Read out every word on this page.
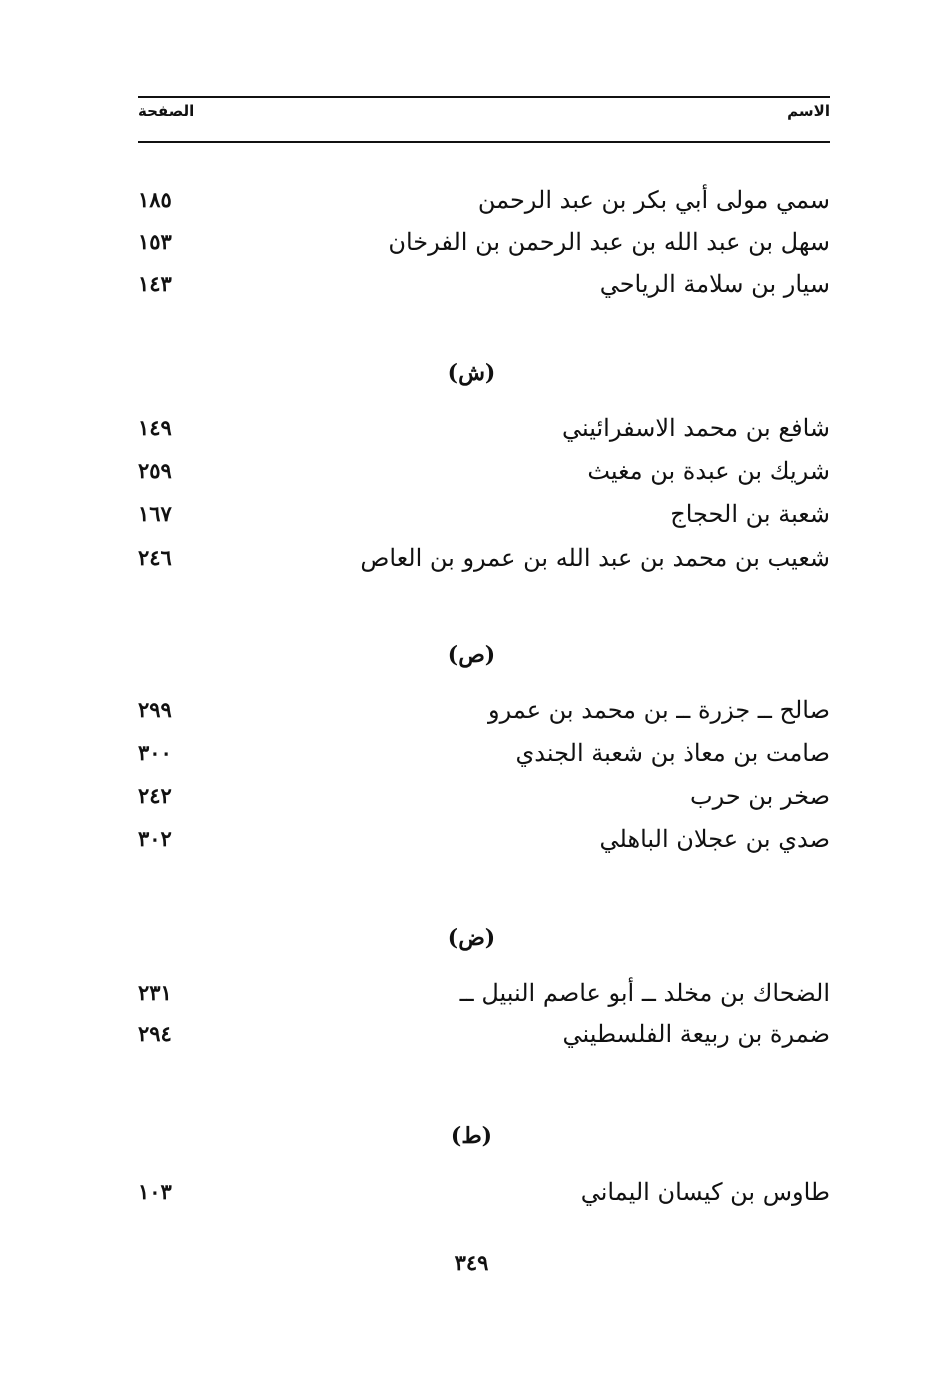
الاسم
الصفحة
سمي مولى أبي بكر بن عبد الرحمن
١٨٥
سهل بن عبد الله بن عبد الرحمن بن الفرخان
١٥٣
سيار بن سلامة الرياحي
١٤٣
(ش)
شافع بن محمد الاسفرائيني
١٤٩
شريك بن عبدة بن مغيث
٢٥٩
شعبة بن الحجاج
١٦٧
شعيب بن محمد بن عبد الله بن عمرو بن العاص
٢٤٦
(ص)
صالح ــ جزرة ــ بن محمد بن عمرو
٢٩٩
صامت بن معاذ بن شعبة الجندي
٣٠٠
صخر بن حرب
٢٤٢
صدي بن عجلان الباهلي
٣٠٢
(ض)
الضحاك بن مخلد ــ أبو عاصم النبيل ــ
٢٣١
ضمرة بن ربيعة الفلسطيني
٢٩٤
(ط)
طاوس بن كيسان اليماني
١٠٣
٣٤٩
